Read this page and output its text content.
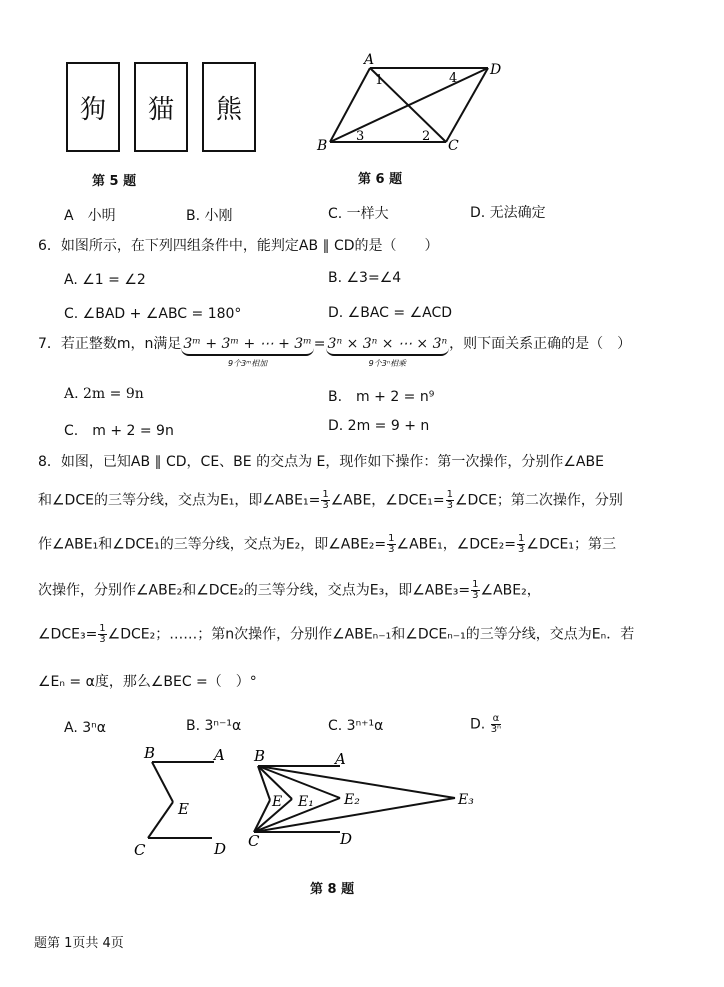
狗	猫	熊
第 5 题
A
D
B	C
1	4
3	2
第 6 题
A　小明	B. 小刚	C. 一样大	D. 无法确定
6．如图所示，在下列四组条件中，能判定AB ∥ CD的是（　　）
A. ∠1 = ∠2	B. ∠3=∠4
C. ∠BAD + ∠ABC = 180°	D. ∠BAC = ∠ACD
7．若正整数m，n满足 3ᵐ + 3ᵐ + ⋯ + 3ᵐ
9个3ᵐ相加
= 3ⁿ × 3ⁿ × ⋯ × 3ⁿ
9个3ⁿ相乘
，则下面关系正确的是（　）
A. 2m = 9n	B.　m + 2 = n⁹
C.　m + 2 = 9n	D. 2m = 9 + n
8．如图，已知AB ∥ CD，CE、BE 的交点为 E，现作如下操作：第一次操作，分别作∠ABE
和∠DCE的三等分线，交点为E₁，即∠ABE₁= $\frac{1}{3}$ ∠ABE，∠DCE₁= $\frac{1}{3}$ ∠DCE；第二次操作，分别
作∠ABE₁和∠DCE₁的三等分线，交点为E₂，即∠ABE₂= $\frac{1}{3}$ ∠ABE₁，∠DCE₂= $\frac{1}{3}$ ∠DCE₁；第三
次操作，分别作∠ABE₂和∠DCE₂的三等分线，交点为E₃，即∠ABE₃= $\frac{1}{3}$ ∠ABE₂，
∠DCE₃= $\frac{1}{3}$ ∠DCE₂；……；第n次操作，分别作∠ABEₙ₋₁和∠DCEₙ₋₁的三等分线，交点为Eₙ．若
∠Eₙ = α度，那么∠BEC =（　）°
A. 3ⁿα	B. 3ⁿ⁻¹α	C. 3ⁿ⁺¹α	D. $\frac{\alpha}{\text{3ⁿ}}$
B	A
E
C	D
B	A
E E₁ E₂	E₃
C	D
第 8 题
题第 1页共 4页
